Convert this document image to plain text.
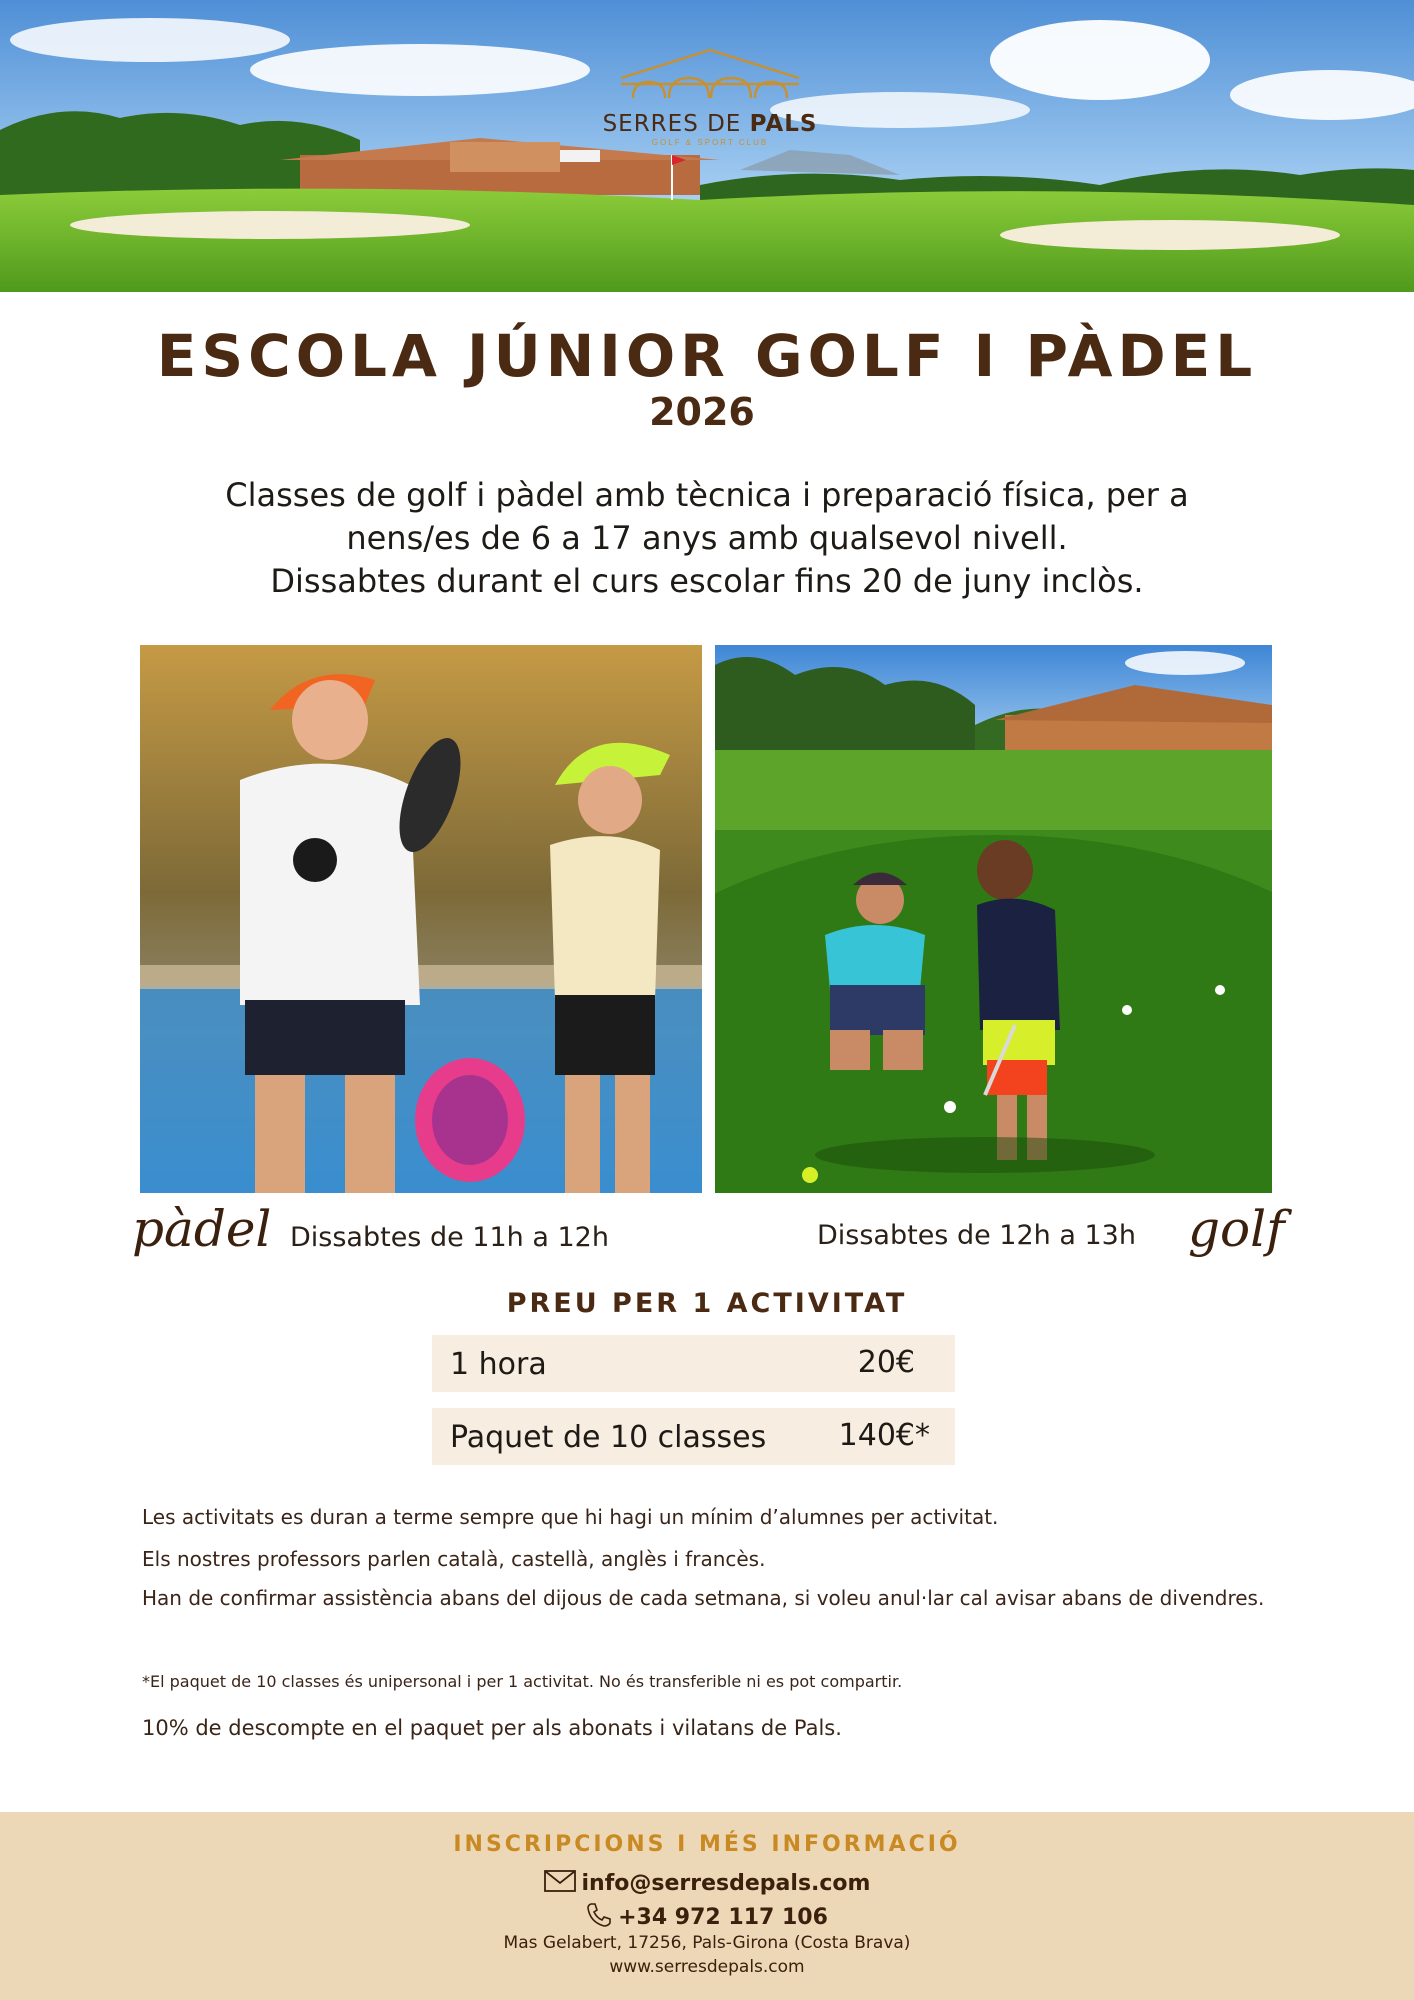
SERRES DE PALS
GOLF & SPORT CLUB
ESCOLA JÚNIOR GOLF I PÀDEL
2026
Classes de golf i pàdel amb tècnica i preparació física, per a
nens/es de 6 a 17 anys amb qualsevol nivell.
Dissabtes durant el curs escolar fins 20 de juny inclòs.
pàdel Dissabtes de 11h a 12h	Dissabtes de 12h a 13h golf
PREU PER 1 ACTIVITAT
1 hora	20€
Paquet de 10 classes 140€*
Les activitats es duran a terme sempre que hi hagi un mínim d’alumnes per activitat.
Els nostres professors parlen català, castellà, anglès i francès.
Han de confirmar assistència abans del dijous de cada setmana, si voleu anul·lar cal avisar abans de divendres.
*El paquet de 10 classes és unipersonal i per 1 activitat. No és transferible ni es pot compartir.
10% de descompte en el paquet per als abonats i vilatans de Pals.
INSCRIPCIONS I MÉS INFORMACIÓ
info@serresdepals.com
+34 972 117 106
Mas Gelabert, 17256, Pals-Girona (Costa Brava)
www.serresdepals.com
